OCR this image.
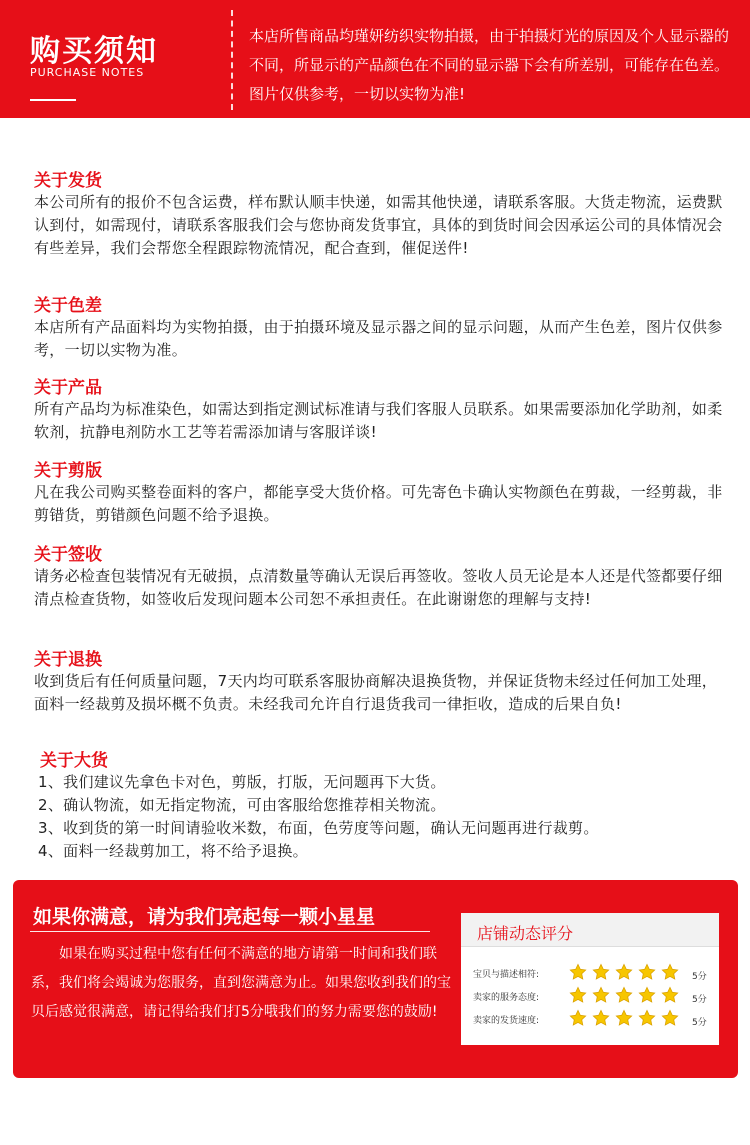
购买须知
PURCHASE NOTES
本店所售商品均瑾妍纺织实物拍摄，由于拍摄灯光的原因及个人显示器的不同，所显示的产品颜色在不同的显示器下会有所差别，可能存在色差。图片仅供参考，一切以实物为准!
关于发货
本公司所有的报价不包含运费，样布默认顺丰快递，如需其他快递，请联系客服。大货走物流，运费默认到付，如需现付，请联系客服我们会与您协商发货事宜，具体的到货时间会因承运公司的具体情况会有些差异，我们会帮您全程跟踪物流情况，配合查到，催促送件!
关于色差
本店所有产品面料均为实物拍摄，由于拍摄环境及显示器之间的显示问题，从而产生色差，图片仅供参考，一切以实物为准。
关于产品
所有产品均为标准染色，如需达到指定测试标准请与我们客服人员联系。如果需要添加化学助剂，如柔软剂，抗静电剂防水工艺等若需添加请与客服详谈!
关于剪版
凡在我公司购买整卷面料的客户，都能享受大货价格。可先寄色卡确认实物颜色在剪裁，一经剪裁，非剪错货，剪错颜色问题不给予退换。
关于签收
请务必检查包装情况有无破损，点清数量等确认无误后再签收。签收人员无论是本人还是代签都要仔细清点检查货物，如签收后发现问题本公司恕不承担责任。在此谢谢您的理解与支持!
关于退换
收到货后有任何质量问题，7天内均可联系客服协商解决退换货物，并保证货物未经过任何加工处理，面料一经裁剪及损坏概不负责。未经我司允许自行退货我司一律拒收，造成的后果自负!
关于大货
1、我们建议先拿色卡对色，剪版，打版，无问题再下大货。
2、确认物流，如无指定物流，可由客服给您推荐相关物流。
3、收到货的第一时间请验收米数，布面，色劳度等问题，确认无问题再进行裁剪。
4、面料一经裁剪加工，将不给予退换。
如果你满意，请为我们亮起每一颗小星星
如果在购买过程中您有任何不满意的地方请第一时间和我们联系，我们将会竭诚为您服务，直到您满意为止。如果您收到我们的宝贝后感觉很满意，请记得给我们打5分哦我们的努力需要您的鼓励!
店铺动态评分
宝贝与描述相符:	5分
卖家的服务态度:	5分
卖家的发货速度:	5分
